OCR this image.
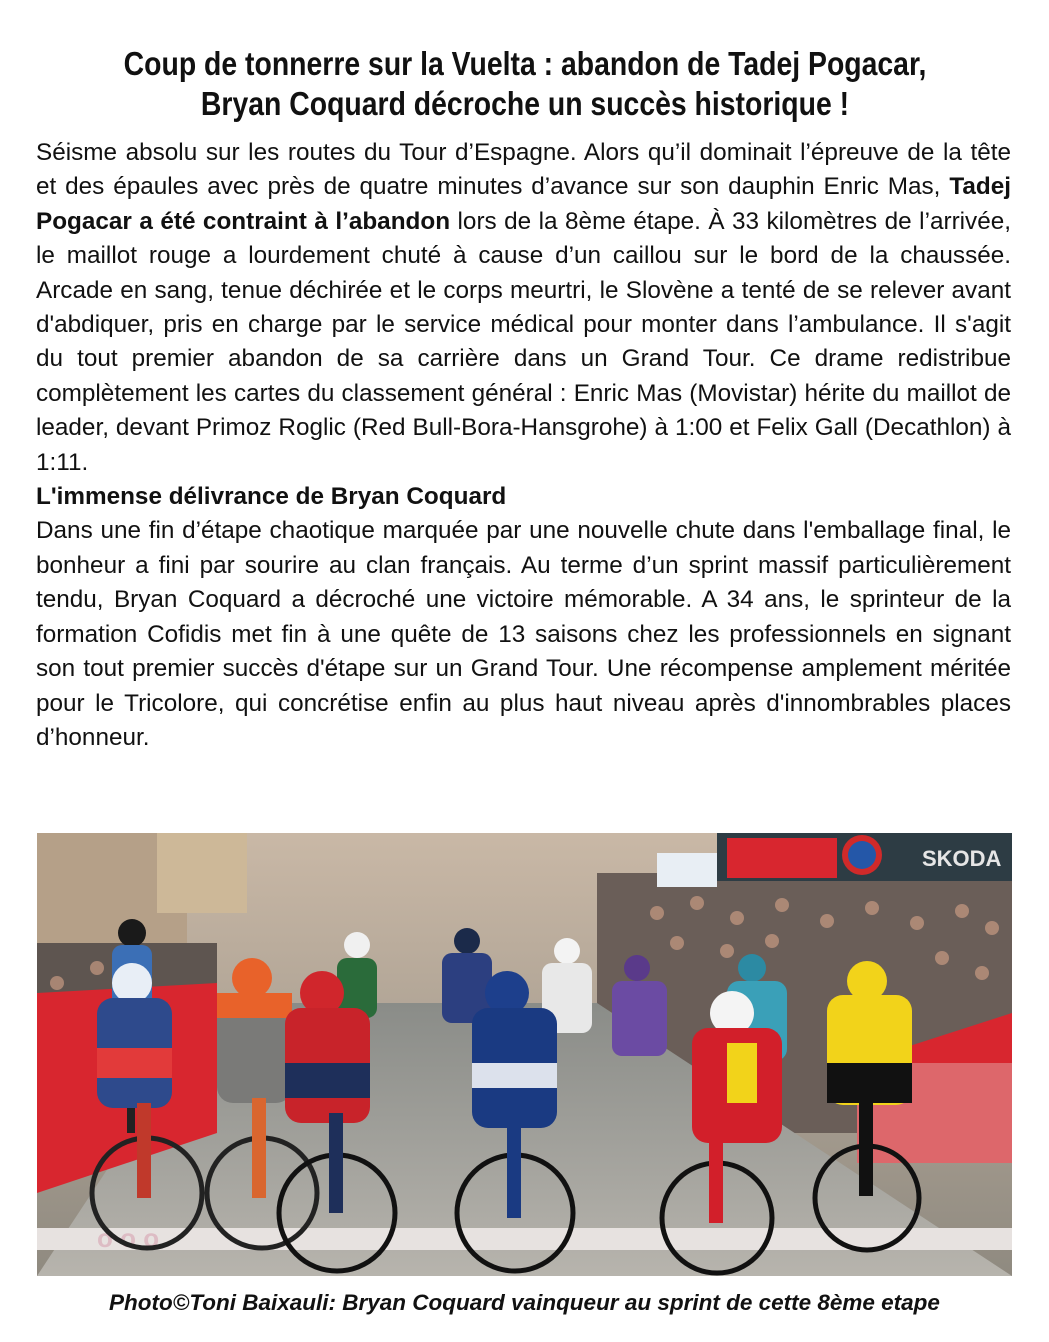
Coup de tonnerre sur la Vuelta : abandon de Tadej Pogacar,
Bryan Coquard décroche un succès historique !

Séisme absolu sur les routes du Tour d’Espagne. Alors qu’il dominait l’épreuve de la tête et des épaules avec près de quatre minutes d’avance sur son dauphin Enric Mas, Tadej Pogacar a été contraint à l’abandon lors de la 8ème étape. À 33 kilomètres de l’arrivée, le maillot rouge a lourdement chuté à cause d’un caillou sur le bord de la chaussée. Arcade en sang, tenue déchirée et le corps meurtri, le Slovène a tenté de se relever avant d'abdiquer, pris en charge par le service médical pour monter dans l’ambulance. Il s'agit du tout premier abandon de sa carrière dans un Grand Tour. Ce drame redistribue complètement les cartes du classement général : Enric Mas (Movistar) hérite du maillot de leader, devant Primoz Roglic (Red Bull-Bora-Hansgrohe) à 1:00 et Felix Gall (Decathlon) à 1:11.

L'immense délivrance de Bryan Coquard

Dans une fin d’étape chaotique marquée par une nouvelle chute dans l'emballage final, le bonheur a fini par sourire au clan français. Au terme d’un sprint massif particulièrement tendu, Bryan Coquard a décroché une victoire mémorable. A 34 ans, le sprinteur de la formation Cofidis met fin à une quête de 13 saisons chez les professionnels en signant son tout premier succès d'étape sur un Grand Tour. Une récompense amplement méritée pour le Tricolore, qui concrétise enfin au plus haut niveau après d'innombrables places d’honneur.

SKODA
o o o
Photo©Toni Baixauli: Bryan Coquard vainqueur au sprint de cette 8ème etape
